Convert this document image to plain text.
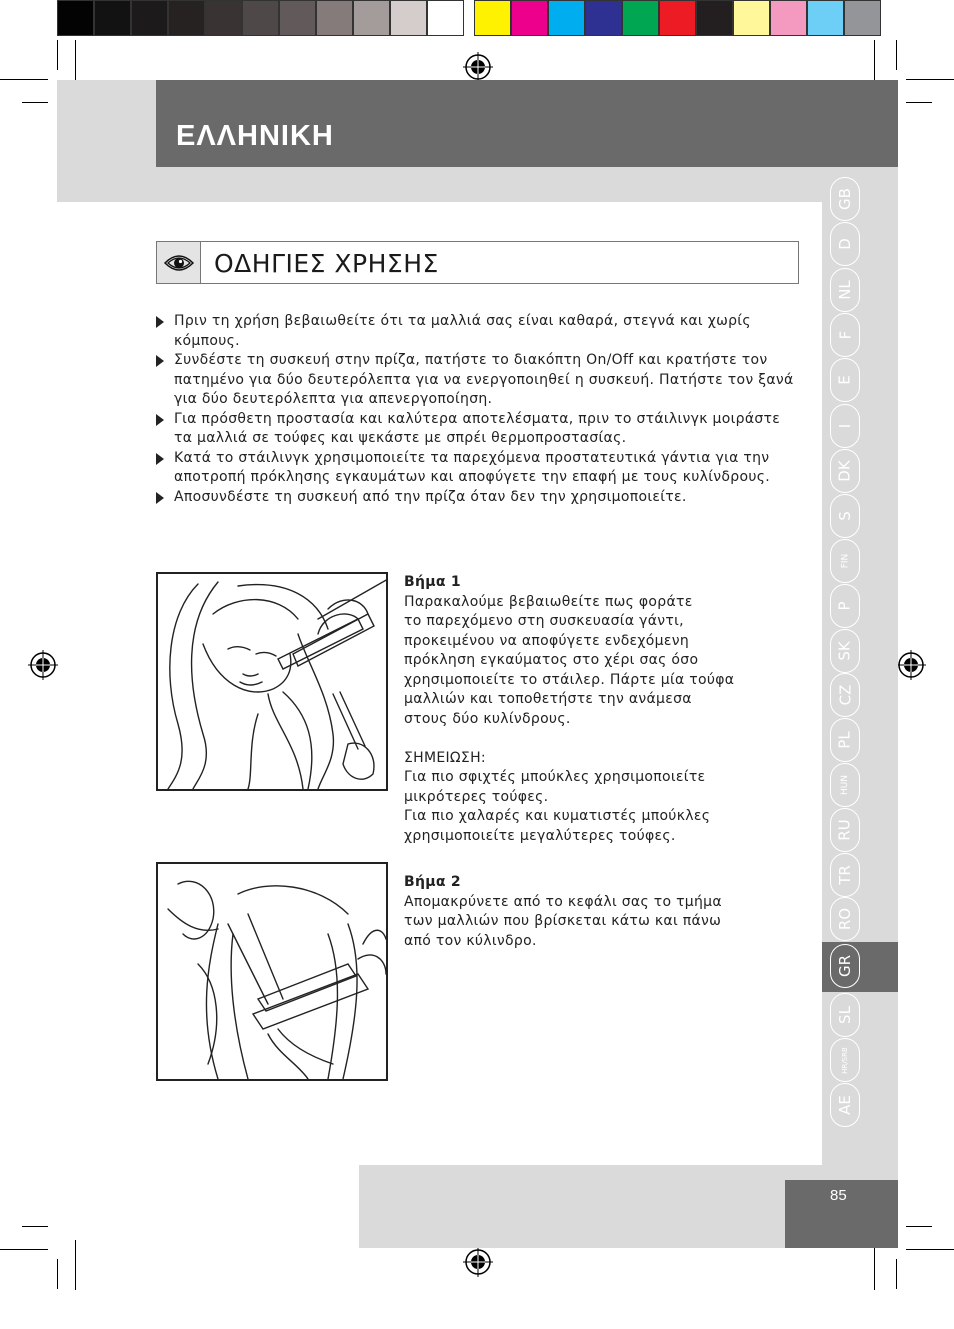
ΕΛΛΗΝΙΚΗ
GB
D
NL
F
E
I
DK
S
FIN
P
SK
CZ
PL
HUN
RU
TR
RO
GR
SL
HR/SRB
AE
85
ΟΔΗΓΙΕΣ ΧΡΗΣΗΣ
Πριν τη χρήση βεβαιωθείτε ότι τα μαλλιά σας είναι καθαρά, στεγνά και χωρίς κόμπους.
Συνδέστε τη συσκευή στην πρίζα, πατήστε το διακόπτη On/Off και κρατήστε τον πατημένο για δύο δευτερόλεπτα για να ενεργοποιηθεί η συσκευή. Πατήστε τον ξανά για δύο δευτερόλεπτα για απενεργοποίηση.
Για πρόσθετη προστασία και καλύτερα αποτελέσματα, πριν το στάιλινγκ μοιράστε τα μαλλιά σε τούφες και ψεκάστε με σπρέι θερμοπροστασίας.
Κατά το στάιλινγκ χρησιμοποιείτε τα παρεχόμενα προστατευτικά γάντια για την αποτροπή πρόκλησης εγκαυμάτων και αποφύγετε την επαφή με τους κυλίνδρους.
Αποσυνδέστε τη συσκευή από την πρίζα όταν δεν την χρησιμοποιείτε.

Βήμα 1

Παρακαλούμε βεβαιωθείτε πως φοράτε

το παρεχόμενο στη συσκευασία γάντι,

προκειμένου να αποφύγετε ενδεχόμενη

πρόκληση εγκαύματος στο χέρι σας όσο

χρησιμοποιείτε το στάιλερ. Πάρτε μία τούφα

μαλλιών και τοποθετήστε την ανάμεσα

στους δύο κυλίνδρους.

ΣΗΜΕΙΩΣΗ:

Για πιο σφιχτές μπούκλες χρησιμοποιείτε μικρότερες τούφες.

Για πιο χαλαρές και κυματιστές μπούκλες χρησιμοποιείτε μεγαλύτερες τούφες.

Βήμα 2

Απομακρύνετε από το κεφάλι σας το τμήμα

των μαλλιών που βρίσκεται κάτω και πάνω

από τον κύλινδρο.
